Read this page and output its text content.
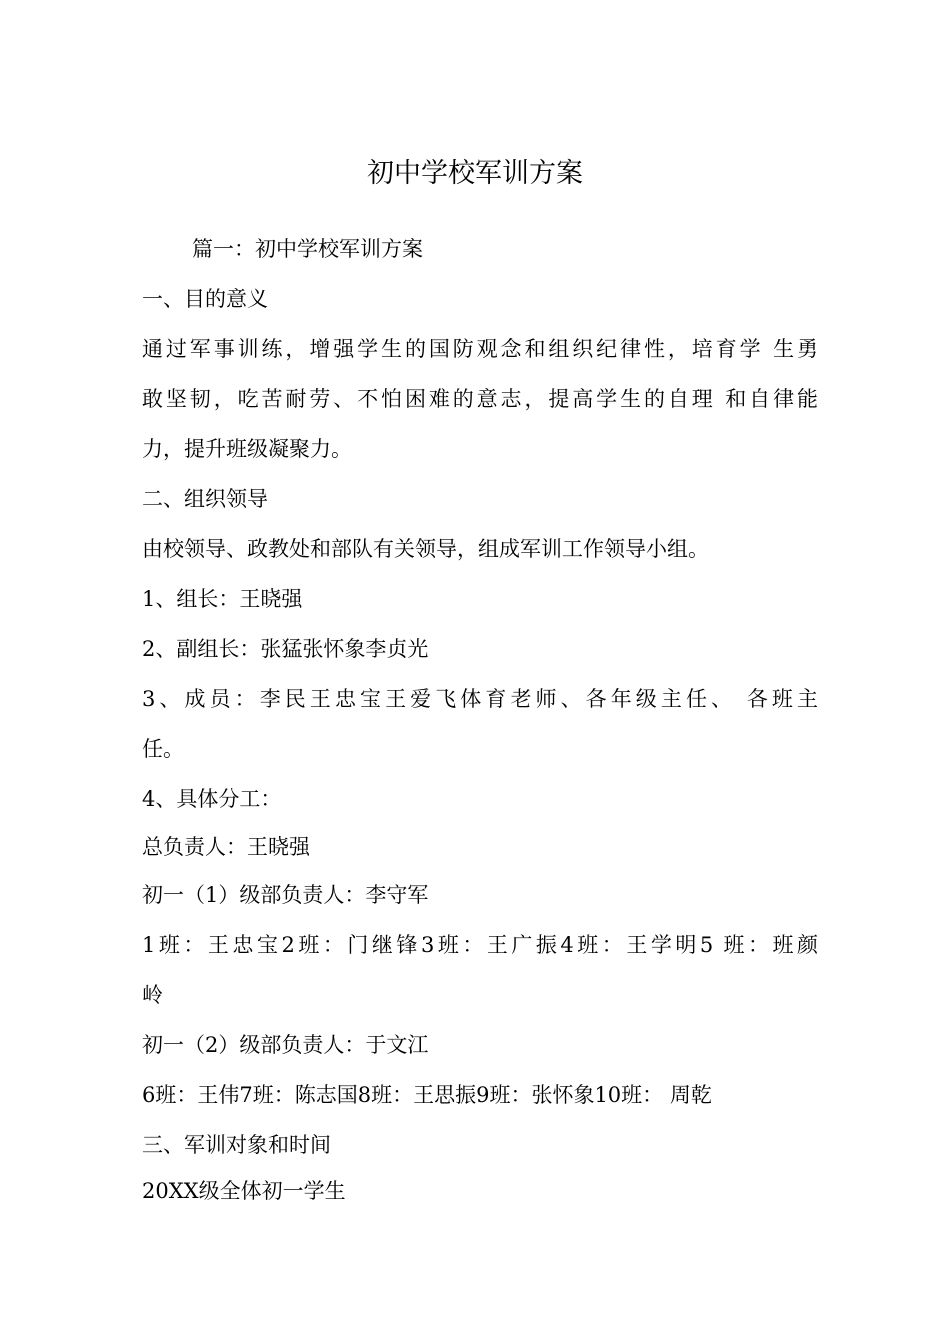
初中学校军训方案
篇一：初中学校军训方案
一、目的意义
通过军事训练，增强学生的国防观念和组织纪律性，培育学 生勇
敢坚韧，吃苦耐劳、不怕困难的意志，提高学生的自理 和自律能
力，提升班级凝聚力。
二、组织领导
由校领导、政教处和部队有关领导，组成军训工作领导小组。
1、组长：王晓强
2、副组长：张猛张怀象李贞光
3、成员：李民王忠宝王爱飞体育老师、各年级主任、 各班主
任。
4、具体分工：
总负责人：王晓强
初一（1）级部负责人：李守军
1班：王忠宝2班：门继锋3班：王广振4班：王学明5 班：班颜
岭
初一（2）级部负责人：于文江
6班：王伟7班：陈志国8班：王思振9班：张怀象10班： 周乾
三、军训对象和时间
20XX级全体初一学生
